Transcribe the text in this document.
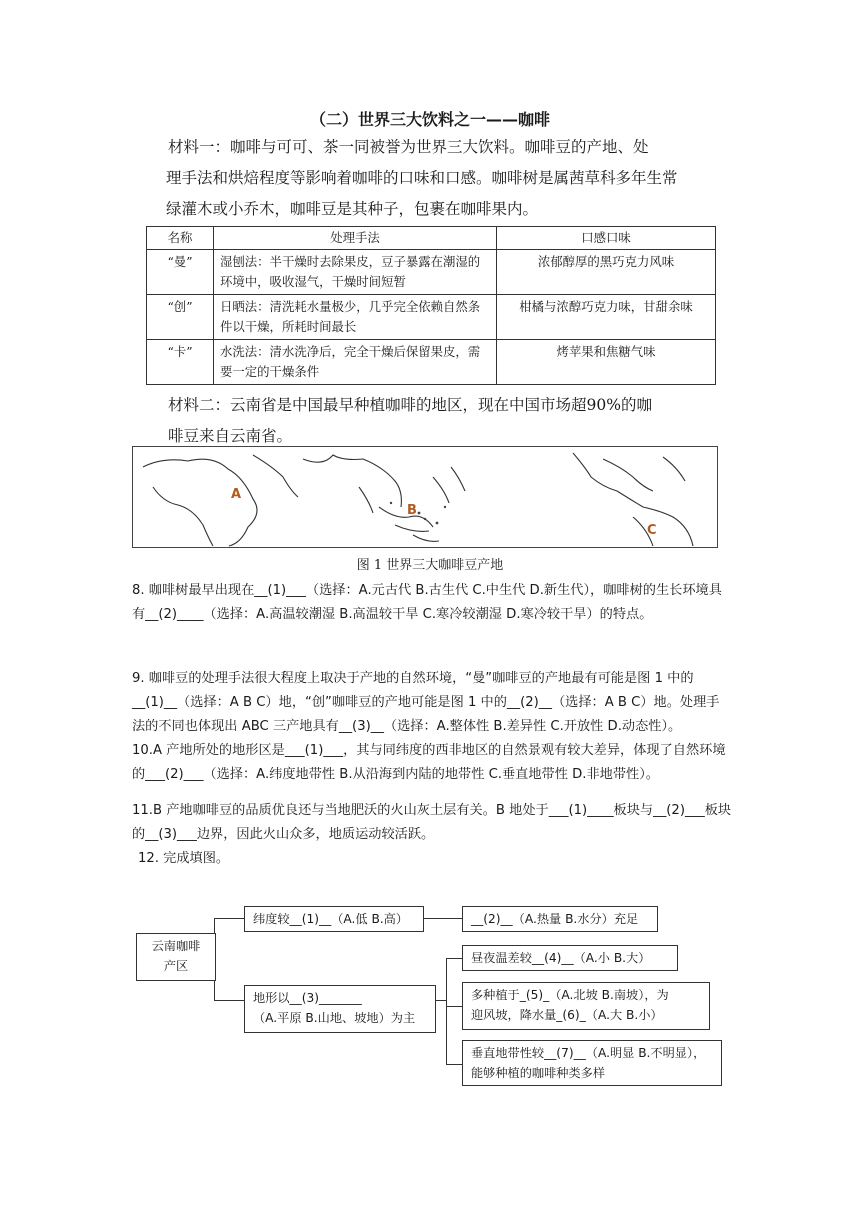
（二）世界三大饮料之一——咖啡
材料一：咖啡与可可、茶一同被誉为世界三大饮料。咖啡豆的产地、处
理手法和烘焙程度等影响着咖啡的口味和口感。咖啡树是属茜草科多年生常
绿灌木或小乔木，咖啡豆是其种子，包裹在咖啡果内。
名称	处理手法	口感口味
“曼”	湿刨法：半干燥时去除果皮，豆子暴露在潮湿的环境中，吸收湿气，干燥时间短暂	浓郁醇厚的黑巧克力风味
“创”	日晒法：清洗耗水量极少，几乎完全依赖自然条件以干燥，所耗时间最长	柑橘与浓醇巧克力味，甘甜余味
“卡”	水洗法：清水洗净后，完全干燥后保留果皮，需要一定的干燥条件	烤苹果和焦糖气味
材料二：云南省是中国最早种植咖啡的地区，现在中国市场超90%的咖
啡豆来自云南省。
A
B
C
图 1 世界三大咖啡豆产地
8. 咖啡树最早出现在__(1)___（选择：A.元古代 B.古生代 C.中生代 D.新生代），咖啡树的生长环境具有__(2)____（选择：A.高温较潮湿 B.高温较干旱 C.寒冷较潮湿 D.寒冷较干旱）的特点。
9. 咖啡豆的处理手法很大程度上取决于产地的自然环境，“曼”咖啡豆的产地最有可能是图 1 中的__(1)__（选择：A B C）地，“创”咖啡豆的产地可能是图 1 中的__(2)__（选择：A B C）地。处理手法的不同也体现出 ABC 三产地具有__(3)__（选择：A.整体性 B.差异性 C.开放性 D.动态性）。
10.A 产地所处的地形区是___(1)___，其与同纬度的西非地区的自然景观有较大差异，体现了自然环境的___(2)___（选择：A.纬度地带性 B.从沿海到内陆的地带性 C.垂直地带性 D.非地带性）。
11.B 产地咖啡豆的品质优良还与当地肥沃的火山灰土层有关。B 地处于___(1)____板块与__(2)___板块的__(3)___边界，因此火山众多，地质运动较活跃。
12. 完成填图。
云南咖啡
产区
纬度较__(1)__（A.低 B.高）	__(2)__（A.热量 B.水分）充足
地形以__(3)_______
（A.平原 B.山地、坡地）为主
昼夜温差较__(4)__（A.小 B.大）
多种植于_(5)_（A.北坡 B.南坡），为
迎风坡，降水量_(6)_（A.大 B.小）
垂直地带性较__(7)__（A.明显 B.不明显），
能够种植的咖啡种类多样
